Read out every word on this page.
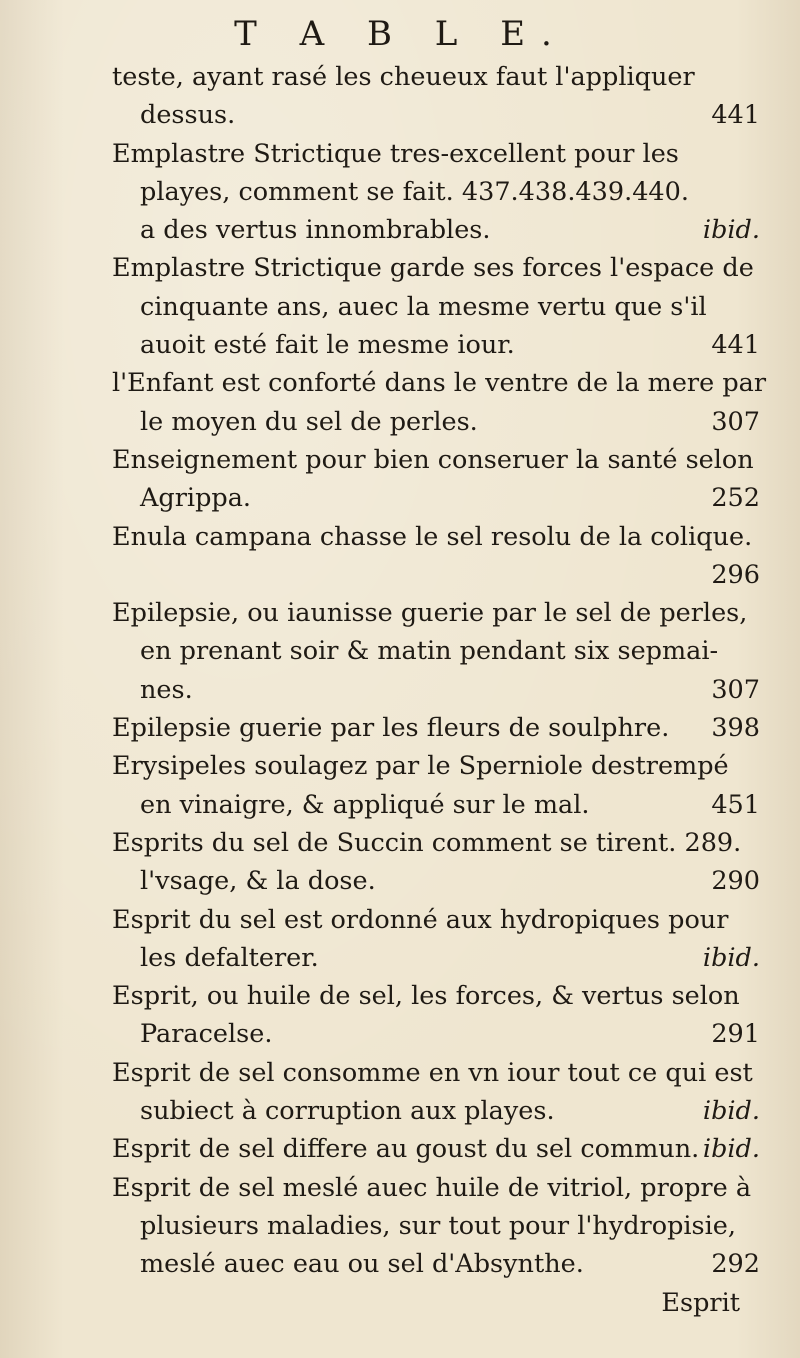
T A B L E.
teste, ayant rasé les cheueux faut l'appliquer
dessus.	441
Emplastre Strictique tres-excellent pour les
playes, comment se fait. 437.438.439.440.
a des vertus innombrables.	ibid.
Emplastre Strictique garde ses forces l'espace de
cinquante ans, auec la mesme vertu que s'il
auoit esté fait le mesme iour.	441
l'Enfant est conforté dans le ventre de la mere par
le moyen du sel de perles.	307
Enseignement pour bien conseruer la santé selon
Agrippa.	252
Enula campana chasse le sel resolu de la colique.
296
Epilepsie, ou iaunisse guerie par le sel de perles,
en prenant soir & matin pendant six sepmai-
nes.	307
Epilepsie guerie par les fleurs de soulphre. 398
Erysipeles soulagez par le Sperniole destrempé
en vinaigre, & appliqué sur le mal.	451
Esprits du sel de Succin comment se tirent. 289.
l'vsage, & la dose.	290
Esprit du sel est ordonné aux hydropiques pour
les defalterer.	ibid.
Esprit, ou huile de sel, les forces, & vertus selon
Paracelse.	291
Esprit de sel consomme en vn iour tout ce qui est
subiect à corruption aux playes.	ibid.
Esprit de sel differe au goust du sel commun. ibid.
Esprit de sel meslé auec huile de vitriol, propre à
plusieurs maladies, sur tout pour l'hydropisie,
meslé auec eau ou sel d'Absynthe.	292
Esprit
